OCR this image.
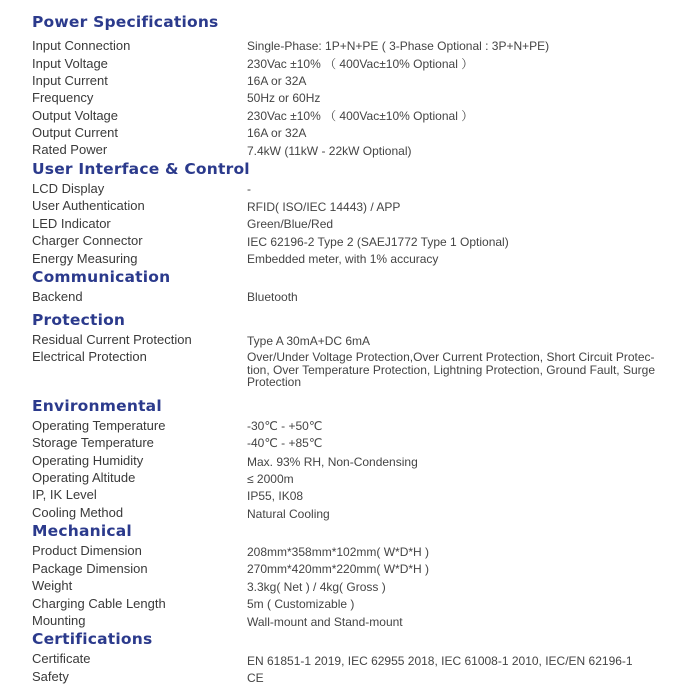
Power Specifications
Input Connection	Single-Phase: 1P+N+PE ( 3-Phase Optional : 3P+N+PE)
Input Voltage	230Vac ±10% （ 400Vac±10% Optional ）
Input Current	16A or 32A
Frequency	50Hz or 60Hz
Output Voltage	230Vac ±10% （ 400Vac±10% Optional ）
Output Current	16A or 32A
Rated Power	7.4kW (11kW - 22kW Optional)
User Interface & Control
LCD Display	-
User Authentication	RFID( ISO/IEC 14443) / APP
LED Indicator	Green/Blue/Red
Charger Connector	IEC 62196-2 Type 2 (SAEJ1772 Type 1 Optional)
Energy Measuring	Embedded meter, with 1% accuracy
Communication
Backend	Bluetooth
Protection
Residual Current Protection	Type A 30mA+DC 6mA
Electrical Protection	Over/Under Voltage Protection,Over Current Protection, Short Circuit Protec-
tion, Over Temperature Protection, Lightning Protection, Ground Fault, Surge
Protection
Environmental
Operating Temperature	-30℃ - +50℃
Storage Temperature	-40℃ - +85℃
Operating Humidity	Max. 93% RH, Non-Condensing
Operating Altitude	≤ 2000m
IP, IK Level	IP55, IK08
Cooling Method	Natural Cooling
Mechanical
Product Dimension	208mm*358mm*102mm( W*D*H )
Package Dimension	270mm*420mm*220mm( W*D*H )
Weight	3.3kg( Net ) / 4kg( Gross )
Charging Cable Length	5m ( Customizable )
Mounting	Wall-mount and Stand-mount
Certifications
Certificate	EN 61851-1 2019, IEC 62955 2018, IEC 61008-1 2010, IEC/EN 62196-1
Safety	CE
